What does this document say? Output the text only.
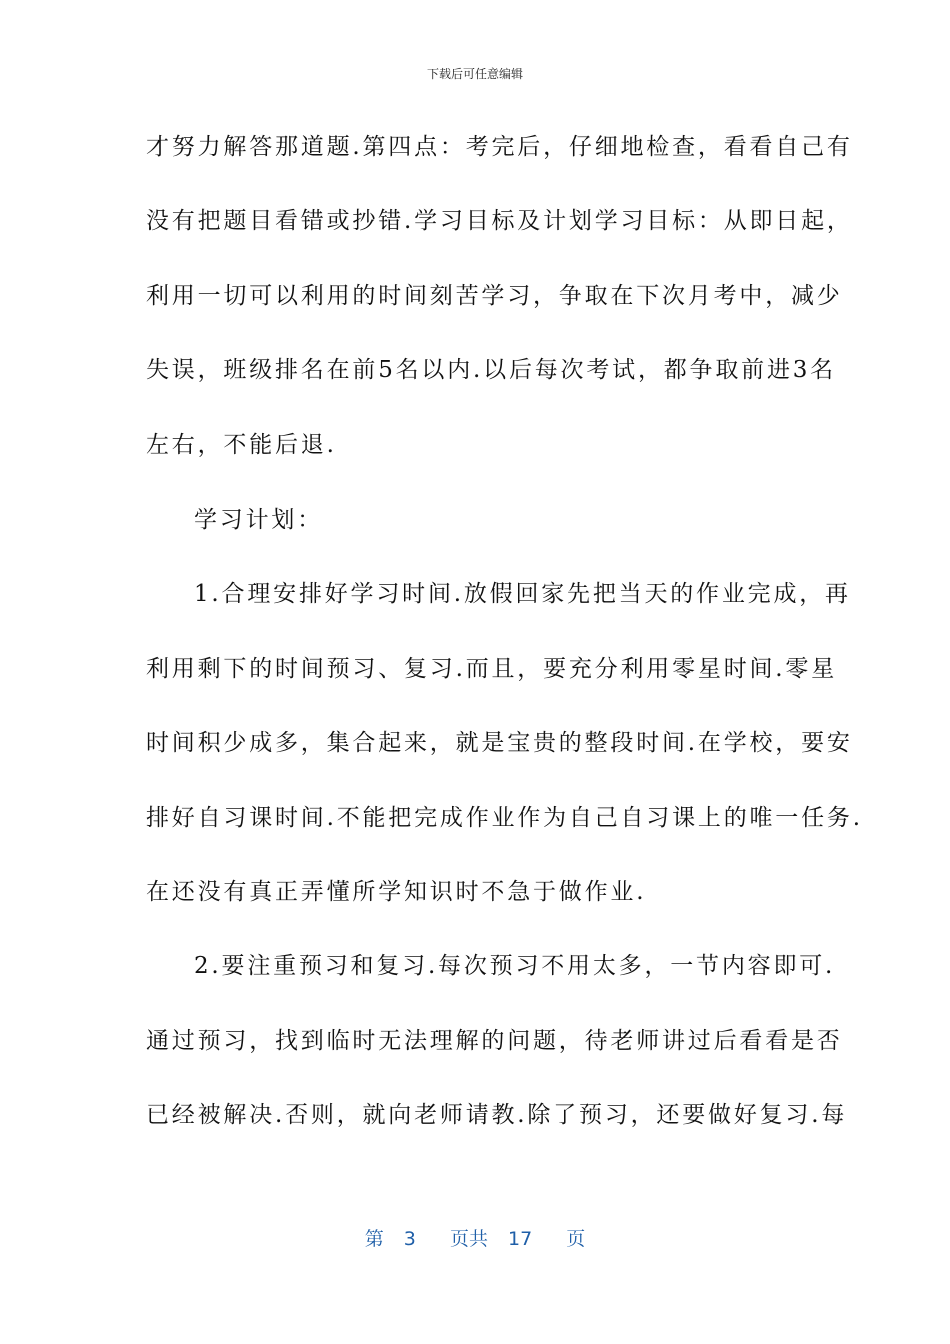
下载后可任意编辑
才努力解答那道题.第四点：考完后，仔细地检查，看看自己有
没有把题目看错或抄错.学习目标及计划学习目标：从即日起，
利用一切可以利用的时间刻苦学习，争取在下次月考中，减少
失误，班级排名在前5名以内.以后每次考试，都争取前进3名
左右，不能后退.
学习计划：
1.合理安排好学习时间.放假回家先把当天的作业完成，再
利用剩下的时间预习、复习.而且，要充分利用零星时间.零星
时间积少成多，集合起来，就是宝贵的整段时间.在学校，要安
排好自习课时间.不能把完成作业作为自己自习课上的唯一任务.
在还没有真正弄懂所学知识时不急于做作业.
2.要注重预习和复习.每次预习不用太多，一节内容即可.
通过预习，找到临时无法理解的问题，待老师讲过后看看是否
已经被解决.否则，就向老师请教.除了预习，还要做好复习.每
第 3 页共 17 页
